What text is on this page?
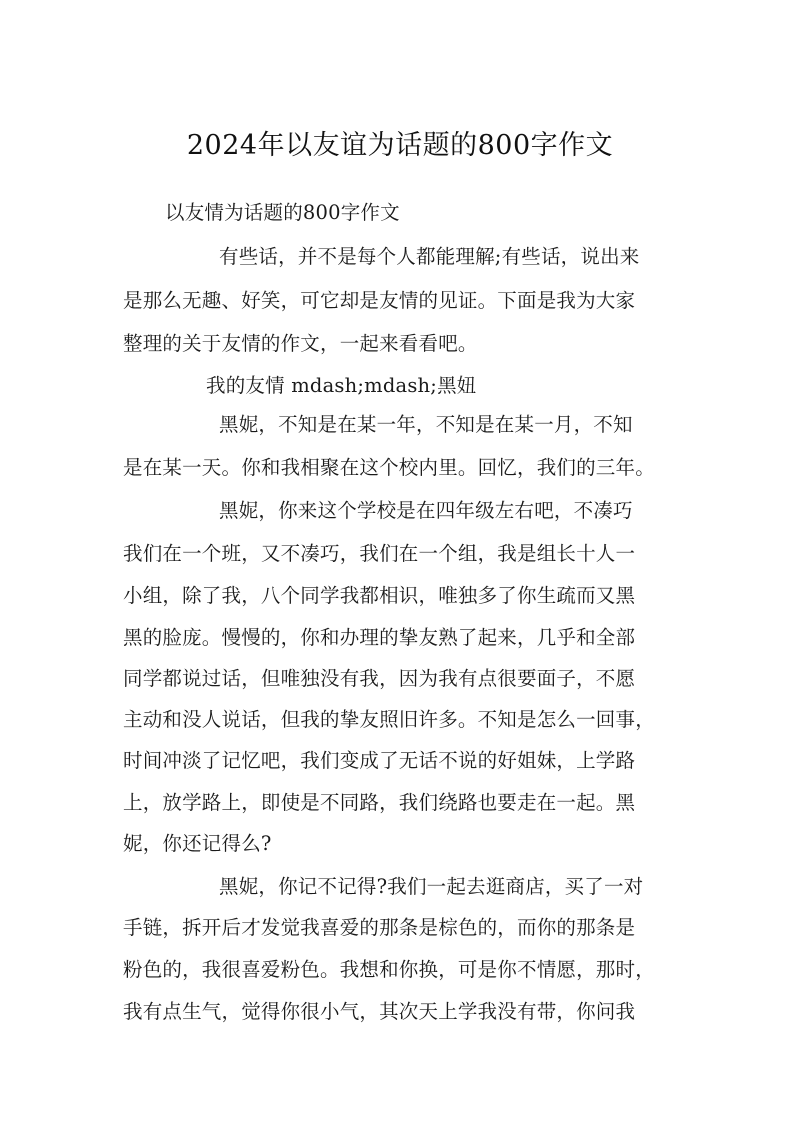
2024年以友谊为话题的800字作文
以友情为话题的800字作文
有些话，并不是每个人都能理解;有些话，说出来
是那么无趣、好笑，可它却是友情的见证。下面是我为大家
整理的关于友情的作文，一起来看看吧。
我的友情 mdash;mdash;黑妞
黑妮，不知是在某一年，不知是在某一月，不知
是在某一天。你和我相聚在这个校内里。回忆，我们的三年。
黑妮，你来这个学校是在四年级左右吧，不凑巧
我们在一个班，又不凑巧，我们在一个组，我是组长十人一
小组，除了我，八个同学我都相识，唯独多了你生疏而又黑
黑的脸庞。慢慢的，你和办理的挚友熟了起来，几乎和全部
同学都说过话，但唯独没有我，因为我有点很要面子，不愿
主动和没人说话，但我的挚友照旧许多。不知是怎么一回事，
时间冲淡了记忆吧，我们变成了无话不说的好姐妹，上学路
上，放学路上，即使是不同路，我们绕路也要走在一起。黑
妮，你还记得么?
黑妮，你记不记得?我们一起去逛商店，买了一对
手链，拆开后才发觉我喜爱的那条是棕色的，而你的那条是
粉色的，我很喜爱粉色。我想和你换，可是你不情愿，那时，
我有点生气，觉得你很小气，其次天上学我没有带，你问我
